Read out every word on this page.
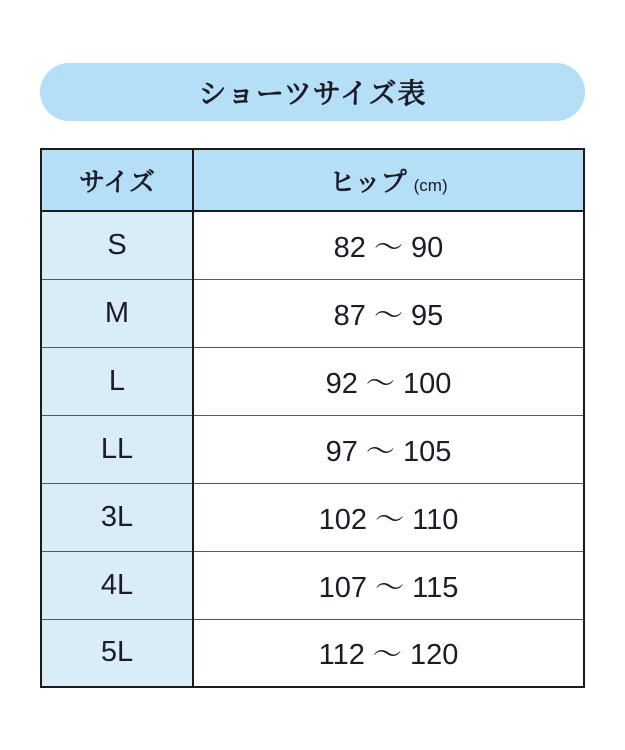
ショーツサイズ表
サイズ	ヒップ (cm)
S	82 〜 90
M	87 〜 95
L	92 〜 100
LL	97 〜 105
3L	102 〜 110
4L	107 〜 115
5L	112 〜 120
